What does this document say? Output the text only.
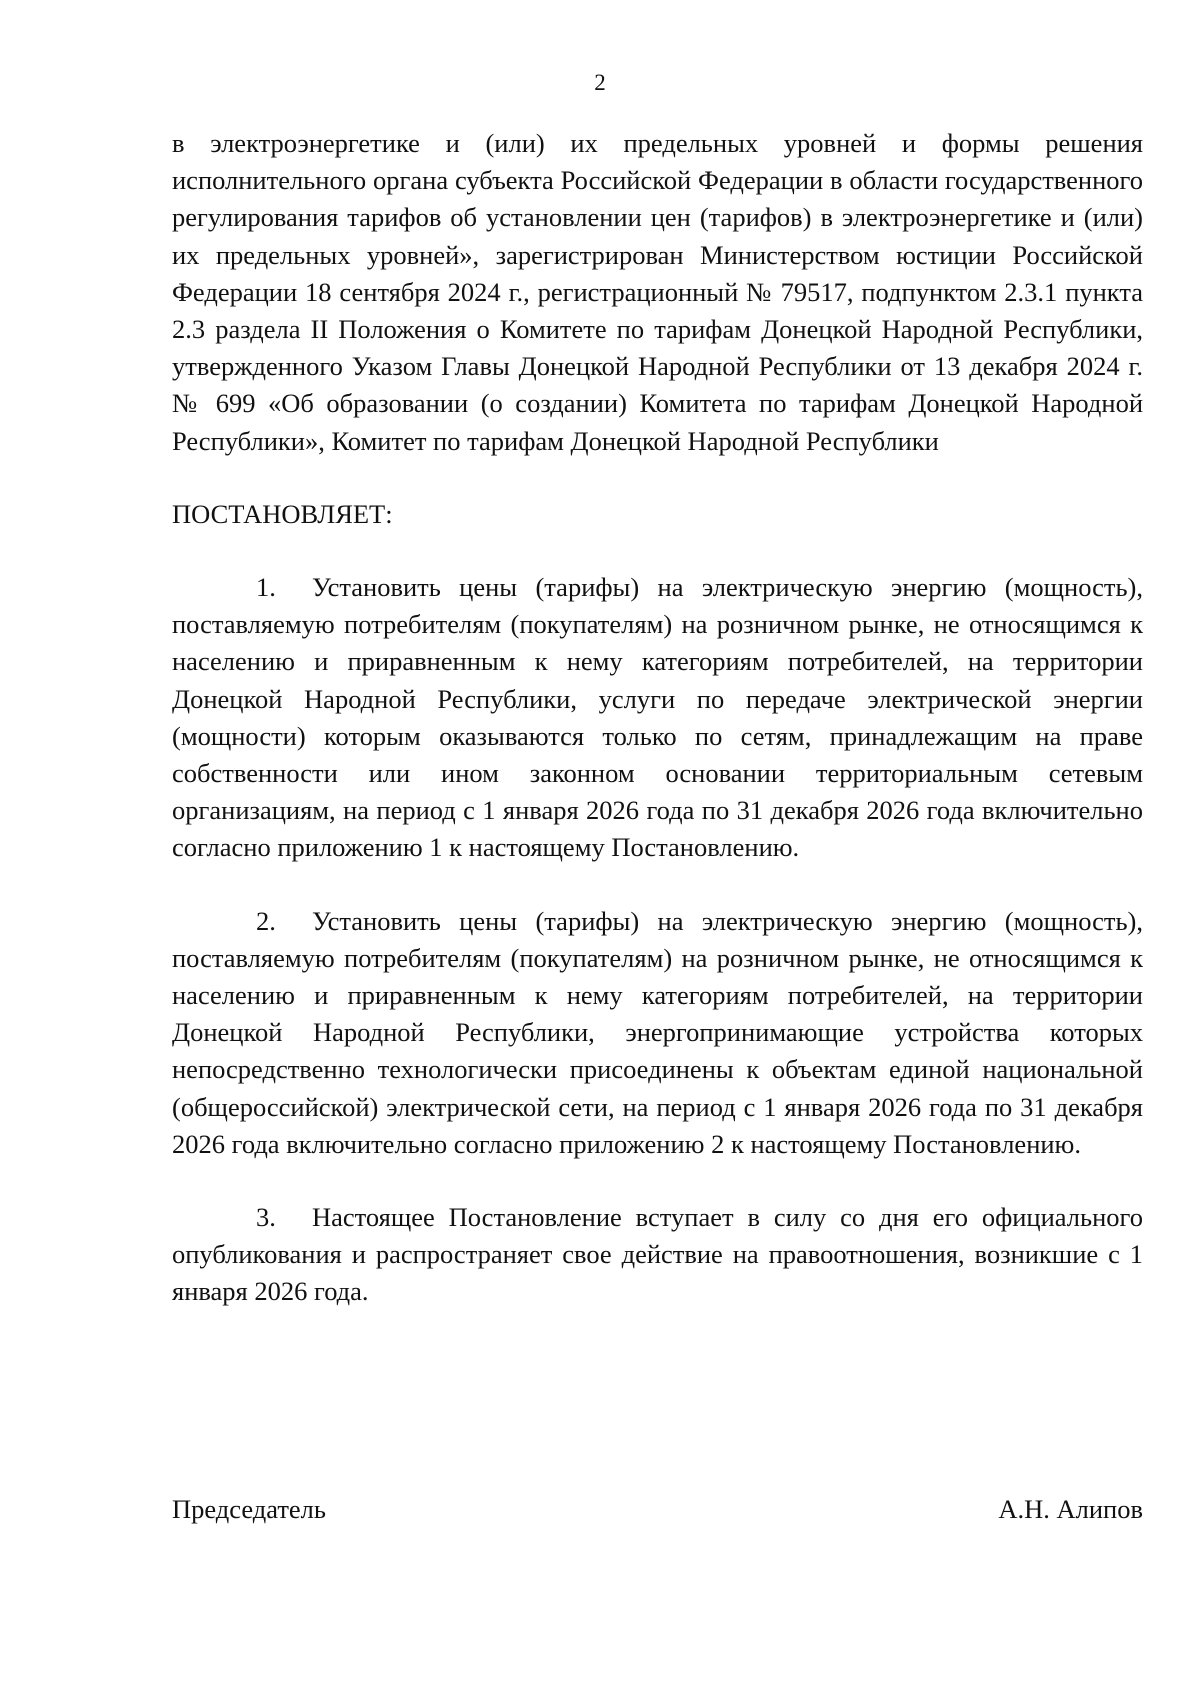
2

в электроэнергетике и (или) их предельных уровней и формы решения исполнительного органа субъекта Российской Федерации в области государственного регулирования тарифов об установлении цен (тарифов) в электроэнергетике и (или) их предельных уровней», зарегистрирован Министерством юстиции Российской Федерации 18 сентября 2024 г., регистрационный № 79517, подпунктом 2.3.1 пункта 2.3 раздела II Положения о Комитете по тарифам Донецкой Народной Республики, утвержденного Указом Главы Донецкой Народной Республики от 13 декабря 2024 г. № 699 «Об образовании (о создании) Комитета по тарифам Донецкой Народной Республики», Комитет по тарифам Донецкой Народной Республики

ПОСТАНОВЛЯЕТ:

1. Установить цены (тарифы) на электрическую энергию (мощность), поставляемую потребителям (покупателям) на розничном рынке, не относящимся к населению и приравненным к нему категориям потребителей, на территории Донецкой Народной Республики, услуги по передаче электрической энергии (мощности) которым оказываются только по сетям, принадлежащим на праве собственности или ином законном основании территориальным сетевым организациям, на период с 1 января 2026 года по 31 декабря 2026 года включительно согласно приложению 1 к настоящему Постановлению.

2. Установить цены (тарифы) на электрическую энергию (мощность), поставляемую потребителям (покупателям) на розничном рынке, не относящимся к населению и приравненным к нему категориям потребителей, на территории Донецкой Народной Республики, энергопринимающие устройства которых непосредственно технологически присоединены к объектам единой национальной (общероссийской) электрической сети, на период с 1 января 2026 года по 31 декабря 2026 года включительно согласно приложению 2 к настоящему Постановлению.

3. Настоящее Постановление вступает в силу со дня его официального опубликования и распространяет свое действие на правоотношения, возникшие с 1 января 2026 года.

Председатель	А.Н. Алипов
